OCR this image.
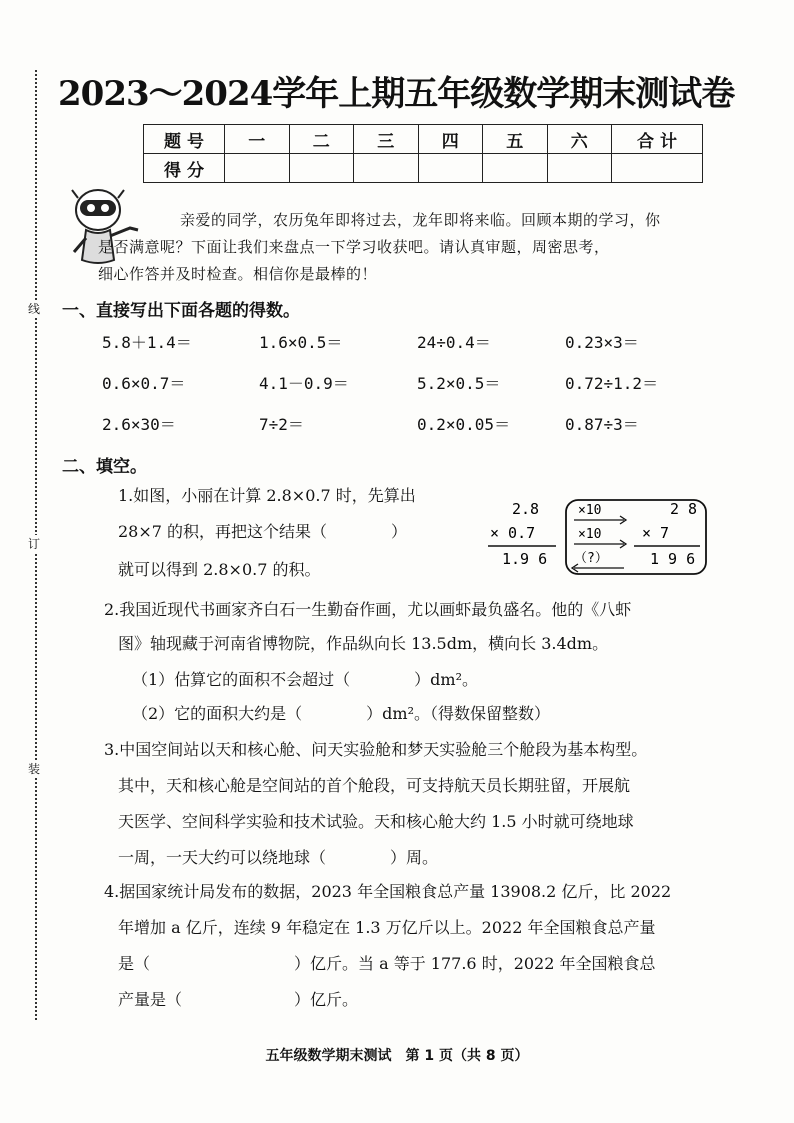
线
订
装
2023～2024学年上期五年级数学期末测试卷
题 号	一	二	三	四	五	六	合 计
得 分							
亲爱的同学，农历兔年即将过去，龙年即将来临。回顾本期的学习，你
是否满意呢？下面让我们来盘点一下学习收获吧。请认真审题，周密思考，
细心作答并及时检查。相信你是最棒的！
一、直接写出下面各题的得数。
5.8＋1.4＝	1.6×0.5＝	24÷0.4＝	0.23×3＝
0.6×0.7＝	4.1－0.9＝	5.2×0.5＝	0.72÷1.2＝
2.6×30＝	7÷2＝	0.2×0.05＝	0.87÷3＝
二、填空。
1.如图，小丽在计算 2.8×0.7 时，先算出
28×7 的积，再把这个结果（　　　　）
就可以得到 2.8×0.7 的积。
2.8
× 0.7
1.9 6
×10
×10
（?）
2 8
× 7
1 9 6
2.我国近现代书画家齐白石一生勤奋作画，尤以画虾最负盛名。他的《八虾
图》轴现藏于河南省博物院，作品纵向长 13.5dm，横向长 3.4dm。
（1）估算它的面积不会超过（　　　　）dm²。
（2）它的面积大约是（　　　　）dm²。（得数保留整数）
3.中国空间站以天和核心舱、问天实验舱和梦天实验舱三个舱段为基本构型。
其中，天和核心舱是空间站的首个舱段，可支持航天员长期驻留，开展航
天医学、空间科学实验和技术试验。天和核心舱大约 1.5 小时就可绕地球
一周，一天大约可以绕地球（　　　　）周。
4.据国家统计局发布的数据，2023 年全国粮食总产量 13908.2 亿斤，比 2022
年增加 a 亿斤，连续 9 年稳定在 1.3 万亿斤以上。2022 年全国粮食总产量
是（　　　　　　　　　）亿斤。当 a 等于 177.6 时，2022 年全国粮食总
产量是（　　　　　　　）亿斤。
五年级数学期末测试　第 1 页（共 8 页）
